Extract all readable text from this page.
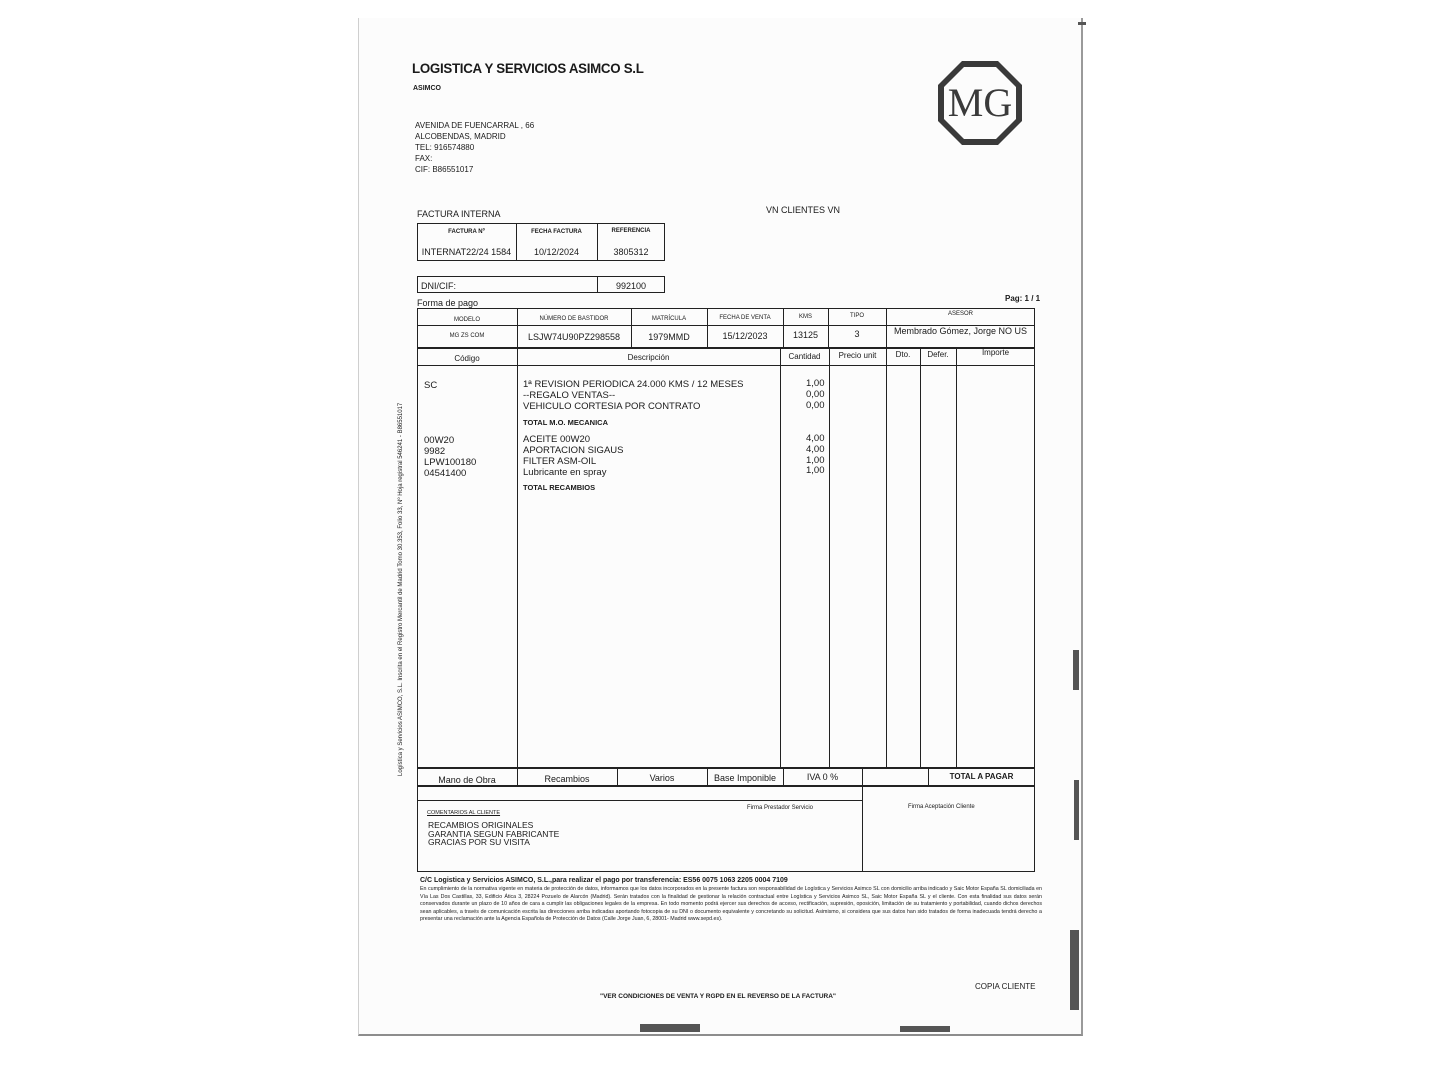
LOGISTICA Y SERVICIOS ASIMCO S.L
ASIMCO
AVENIDA DE FUENCARRAL , 66
ALCOBENDAS, MADRID
TEL: 916574880
FAX:
CIF: B86551017
MG
FACTURA INTERNA	VN CLIENTES VN
FACTURA Nº	FECHA FACTURA	REFERENCIA
INTERNAT22/24 1584	10/12/2024	3805312
DNI/CIF:	992100
Forma de pago	Pag: 1 / 1
MODELO	NÚMERO DE BASTIDOR	MATRÍCULA	FECHA DE VENTA	KMS	TIPO	ASESOR
MG ZS COM	LSJW74U90PZ298558	1979MMD	15/12/2023	13125	3	Membrado Gómez, Jorge NO US
Código	Descripción	Cantidad	Precio unit	Dto.	Defer.	Importe
SC	1ª REVISION PERIODICA 24.000 KMS / 12 MESES	1,00
--REGALO VENTAS--	0,00
VEHICULO CORTESIA POR CONTRATO	0,00
TOTAL M.O. MECANICA
00W20	ACEITE 00W20	4,00
9982	APORTACION SIGAUS	4,00
LPW100180	FILTER ASM-OIL	1,00
04541400	Lubricante en spray	1,00
TOTAL RECAMBIOS
Mano de Obra	Recambios	Varios	Base Imponible	IVA 0 %	TOTAL A PAGAR
COMENTARIOS AL CLIENTE
RECAMBIOS ORIGINALES
GARANTIA SEGUN FABRICANTE
GRACIAS POR SU VISITA
Firma Prestador Servicio	Firma Aceptación Cliente
C/C Logistica y Servicios ASIMCO, S.L.,para realizar el pago por transferencia: ES56 0075 1063 2205 0004 7109
En cumplimiento de la normativa vigente en materia de protección de datos, informamos que los datos incorporados en la presente factura son responsabilidad de Logística y Servicios Asimco SL con domicilio arriba indicado y Saic Motor España SL domiciliada en Vía Las Dos Castillas, 33, Edificio Ática 3, 28224 Pozuelo de Alarcón (Madrid). Serán tratados con la finalidad de gestionar la relación contractual entre Logística y Servicios Asimco SL, Saic Motor España SL y el cliente. Con esta finalidad sus datos serán conservados durante un plazo de 10 años de cara a cumplir las obligaciones legales de la empresa. En todo momento podrá ejercer sus derechos de acceso, rectificación, supresión, oposición, limitación de su tratamiento y portabilidad, cuando dichos derechos sean aplicables, a través de comunicación escrita las direcciones arriba indicadas aportando fotocopia de su DNI o documento equivalente y concretando su solicitud. Asimismo, si considera que sus datos han sido tratados de forma inadecuada tendrá derecho a presentar una reclamación ante la Agencia Española de Protección de Datos (Calle Jorge Juan, 6, 28001- Madrid www.sepd.es).
COPIA CLIENTE
"VER CONDICIONES DE VENTA Y RGPD EN EL REVERSO DE LA FACTURA"
Logística y Servicios ASIMCO, S.L. Inscrita en el Registro Mercantil de Madrid Tomo 30.353, Folio 33, Nº Hoja registral 546241 - B86551017
